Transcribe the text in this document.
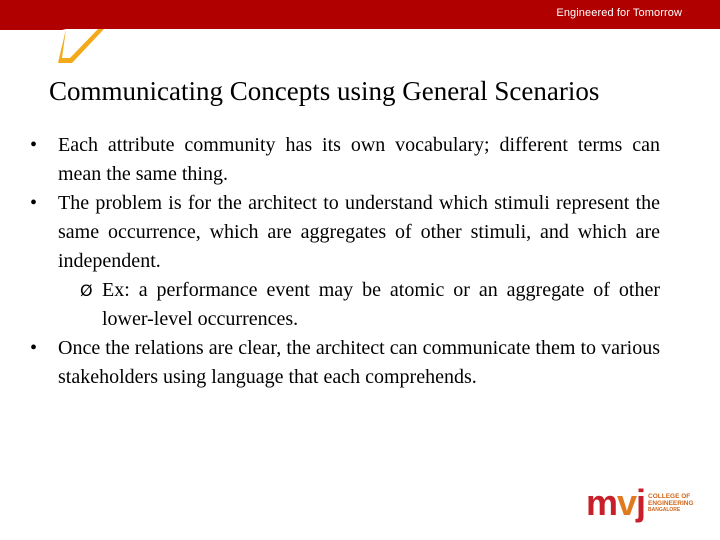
Engineered for Tomorrow
Communicating Concepts using General Scenarios
•	Each attribute community has its own vocabulary; different terms can mean the same thing.
•	The problem is for the architect to understand which stimuli represent the same occurrence, which are aggregates of other stimuli, and which are independent.
Ø Ex: a performance event may be atomic or an aggregate of other lower-level occurrences.
•	Once the relations are clear, the architect can communicate them to various stakeholders using language that each comprehends.
mvj COLLEGE OF
ENGINEERING
BANGALORE
